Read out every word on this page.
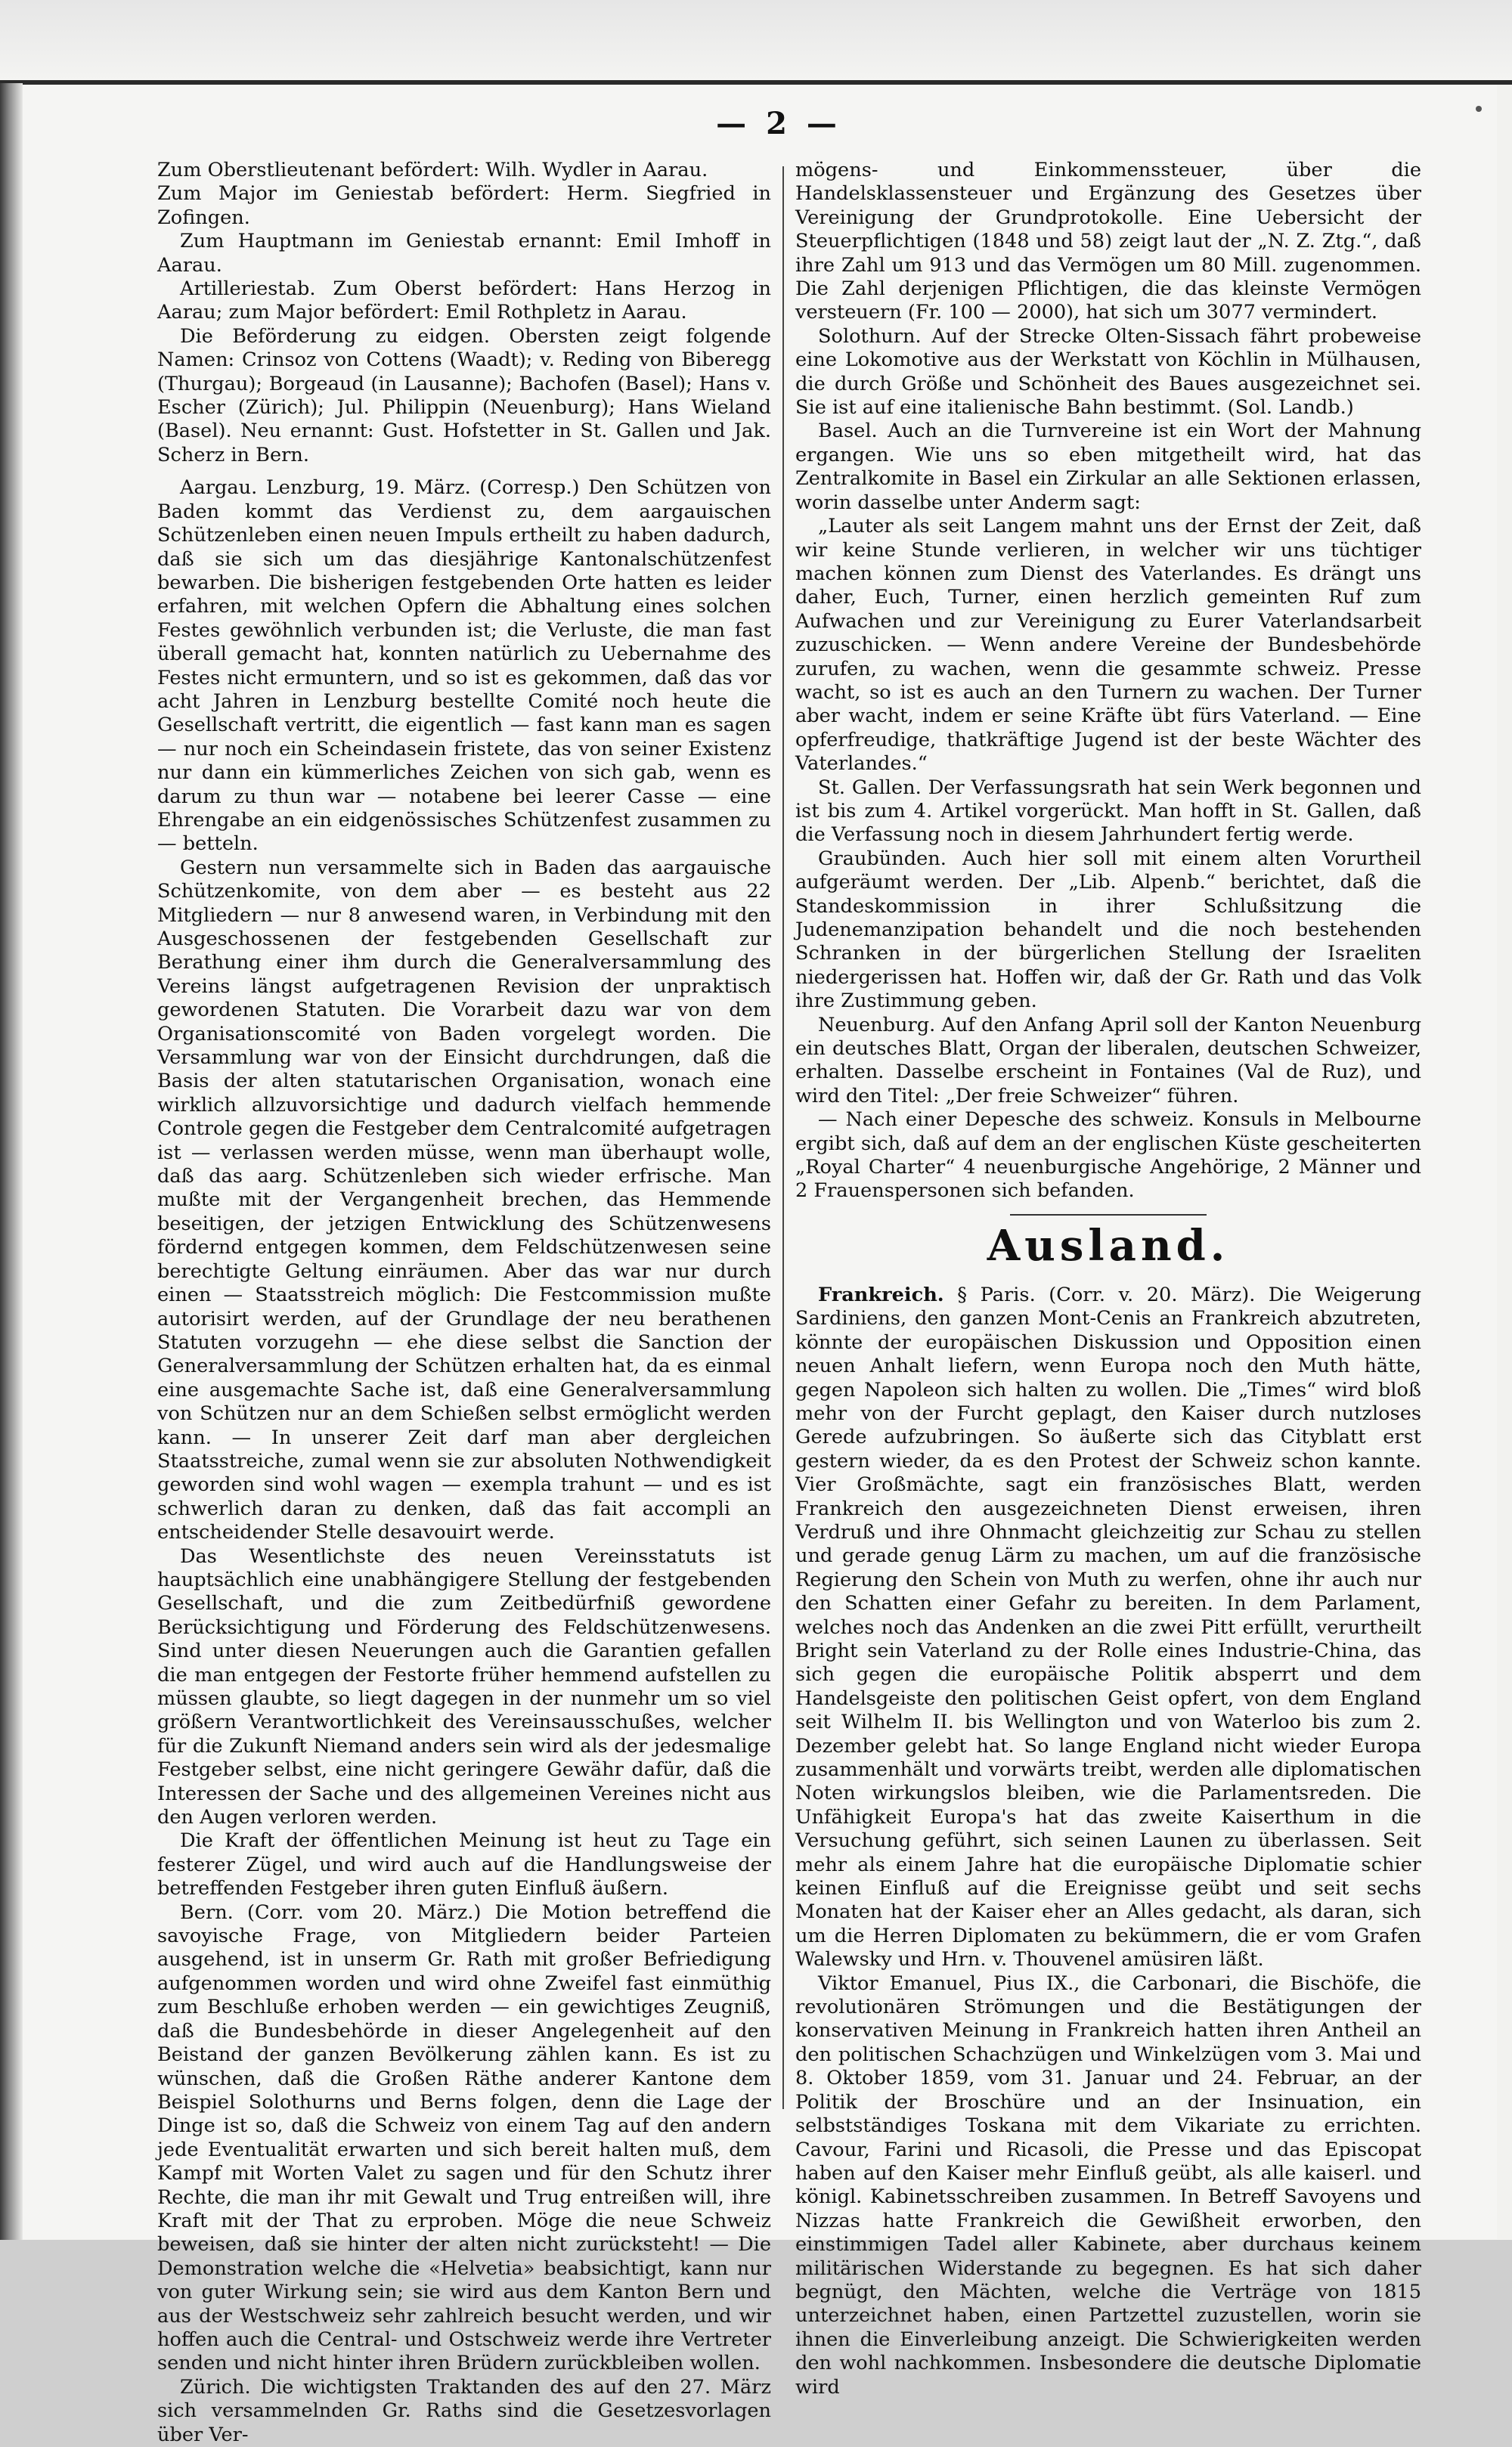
— 2 —

Zum Oberstlieutenant befördert: Wilh. Wydler in Aarau.

Zum Major im Geniestab befördert: Herm. Siegfried in Zofingen.

Zum Hauptmann im Geniestab ernannt: Emil Imhoff in Aarau.

Artilleriestab. Zum Oberst befördert: Hans Herzog in Aarau; zum Major befördert: Emil Rothpletz in Aarau.

Die Beförderung zu eidgen. Obersten zeigt folgende Namen: Crinsoz von Cottens (Waadt); v. Reding von Biberegg (Thurgau); Borgeaud (in Lausanne); Bachofen (Basel); Hans v. Escher (Zürich); Jul. Philippin (Neuenburg); Hans Wieland (Basel). Neu ernannt: Gust. Hofstetter in St. Gallen und Jak. Scherz in Bern.

Aargau. Lenzburg, 19. März. (Corresp.) Den Schützen von Baden kommt das Verdienst zu, dem aargauischen Schützenleben einen neuen Impuls ertheilt zu haben dadurch, daß sie sich um das diesjährige Kantonalschützenfest bewarben. Die bisherigen festgebenden Orte hatten es leider erfahren, mit welchen Opfern die Abhaltung eines solchen Festes gewöhnlich verbunden ist; die Verluste, die man fast überall gemacht hat, konnten natürlich zu Uebernahme des Festes nicht ermuntern, und so ist es gekommen, daß das vor acht Jahren in Lenzburg bestellte Comité noch heute die Gesellschaft vertritt, die eigentlich — fast kann man es sagen — nur noch ein Scheindasein fristete, das von seiner Existenz nur dann ein kümmerliches Zeichen von sich gab, wenn es darum zu thun war — notabene bei leerer Casse — eine Ehrengabe an ein eidgenössisches Schützenfest zusammen zu — betteln.

Gestern nun versammelte sich in Baden das aargauische Schützenkomite, von dem aber — es besteht aus 22 Mitgliedern — nur 8 anwesend waren, in Verbindung mit den Ausgeschossenen der festgebenden Gesellschaft zur Berathung einer ihm durch die Generalversammlung des Vereins längst aufgetragenen Revision der unpraktisch gewordenen Statuten. Die Vorarbeit dazu war von dem Organisationscomité von Baden vorgelegt worden. Die Versammlung war von der Einsicht durchdrungen, daß die Basis der alten statutarischen Organisation, wonach eine wirklich allzuvorsichtige und dadurch vielfach hemmende Controle gegen die Festgeber dem Centralcomité aufgetragen ist — verlassen werden müsse, wenn man überhaupt wolle, daß das aarg. Schützenleben sich wieder erfrische. Man mußte mit der Vergangenheit brechen, das Hemmende beseitigen, der jetzigen Entwicklung des Schützenwesens fördernd entgegen kommen, dem Feldschützenwesen seine berechtigte Geltung einräumen. Aber das war nur durch einen — Staatsstreich möglich: Die Festcommission mußte autorisirt werden, auf der Grundlage der neu berathenen Statuten vorzugehn — ehe diese selbst die Sanction der Generalversammlung der Schützen erhalten hat, da es einmal eine ausgemachte Sache ist, daß eine Generalversammlung von Schützen nur an dem Schießen selbst ermöglicht werden kann. — In unserer Zeit darf man aber dergleichen Staatsstreiche, zumal wenn sie zur absoluten Nothwendigkeit geworden sind wohl wagen — exempla trahunt — und es ist schwerlich daran zu denken, daß das fait accompli an entscheidender Stelle desavouirt werde.

Das Wesentlichste des neuen Vereinsstatuts ist hauptsächlich eine unabhängigere Stellung der festgebenden Gesellschaft, und die zum Zeitbedürfniß gewordene Berücksichtigung und Förderung des Feldschützenwesens. Sind unter diesen Neuerungen auch die Garantien gefallen die man entgegen der Festorte früher hemmend aufstellen zu müssen glaubte, so liegt dagegen in der nunmehr um so viel größern Verantwortlichkeit des Vereinsausschußes, welcher für die Zukunft Niemand anders sein wird als der jedesmalige Festgeber selbst, eine nicht geringere Gewähr dafür, daß die Interessen der Sache und des allgemeinen Vereines nicht aus den Augen verloren werden.

Die Kraft der öffentlichen Meinung ist heut zu Tage ein festerer Zügel, und wird auch auf die Handlungsweise der betreffenden Festgeber ihren guten Einfluß äußern.

Bern. (Corr. vom 20. März.) Die Motion betreffend die savoyische Frage, von Mitgliedern beider Parteien ausgehend, ist in unserm Gr. Rath mit großer Befriedigung aufgenommen worden und wird ohne Zweifel fast einmüthig zum Beschluße erhoben werden — ein gewichtiges Zeugniß, daß die Bundesbehörde in dieser Angelegenheit auf den Beistand der ganzen Bevölkerung zählen kann. Es ist zu wünschen, daß die Großen Räthe anderer Kantone dem Beispiel Solothurns und Berns folgen, denn die Lage der Dinge ist so, daß die Schweiz von einem Tag auf den andern jede Eventualität erwarten und sich bereit halten muß, dem Kampf mit Worten Valet zu sagen und für den Schutz ihrer Rechte, die man ihr mit Gewalt und Trug entreißen will, ihre Kraft mit der That zu erproben. Möge die neue Schweiz beweisen, daß sie hinter der alten nicht zurücksteht! — Die Demonstration welche die «Helvetia» beabsichtigt, kann nur von guter Wirkung sein; sie wird aus dem Kanton Bern und aus der Westschweiz sehr zahlreich besucht werden, und wir hoffen auch die Central- und Ostschweiz werde ihre Vertreter senden und nicht hinter ihren Brüdern zurückbleiben wollen.

Zürich. Die wichtigsten Traktanden des auf den 27. März sich versammelnden Gr. Raths sind die Gesetzesvorlagen über Ver-

mögens- und Einkommenssteuer, über die Handelsklassensteuer und Ergänzung des Gesetzes über Vereinigung der Grundprotokolle. Eine Uebersicht der Steuerpflichtigen (1848 und 58) zeigt laut der „N. Z. Ztg.“, daß ihre Zahl um 913 und das Vermögen um 80 Mill. zugenommen. Die Zahl derjenigen Pflichtigen, die das kleinste Vermögen versteuern (Fr. 100 — 2000), hat sich um 3077 vermindert.

Solothurn. Auf der Strecke Olten-Sissach fährt probeweise eine Lokomotive aus der Werkstatt von Köchlin in Mülhausen, die durch Größe und Schönheit des Baues ausgezeichnet sei. Sie ist auf eine italienische Bahn bestimmt. (Sol. Landb.)

Basel. Auch an die Turnvereine ist ein Wort der Mahnung ergangen. Wie uns so eben mitgetheilt wird, hat das Zentralkomite in Basel ein Zirkular an alle Sektionen erlassen, worin dasselbe unter Anderm sagt:

„Lauter als seit Langem mahnt uns der Ernst der Zeit, daß wir keine Stunde verlieren, in welcher wir uns tüchtiger machen können zum Dienst des Vaterlandes. Es drängt uns daher, Euch, Turner, einen herzlich gemeinten Ruf zum Aufwachen und zur Vereinigung zu Eurer Vaterlandsarbeit zuzuschicken. — Wenn andere Vereine der Bundesbehörde zurufen, zu wachen, wenn die gesammte schweiz. Presse wacht, so ist es auch an den Turnern zu wachen. Der Turner aber wacht, indem er seine Kräfte übt fürs Vaterland. — Eine opferfreudige, thatkräftige Jugend ist der beste Wächter des Vaterlandes.“

St. Gallen. Der Verfassungsrath hat sein Werk begonnen und ist bis zum 4. Artikel vorgerückt. Man hofft in St. Gallen, daß die Verfassung noch in diesem Jahrhundert fertig werde.

Graubünden. Auch hier soll mit einem alten Vorurtheil aufgeräumt werden. Der „Lib. Alpenb.“ berichtet, daß die Standeskommission in ihrer Schlußsitzung die Judenemanzipation behandelt und die noch bestehenden Schranken in der bürgerlichen Stellung der Israeliten niedergerissen hat. Hoffen wir, daß der Gr. Rath und das Volk ihre Zustimmung geben.

Neuenburg. Auf den Anfang April soll der Kanton Neuenburg ein deutsches Blatt, Organ der liberalen, deutschen Schweizer, erhalten. Dasselbe erscheint in Fontaines (Val de Ruz), und wird den Titel: „Der freie Schweizer“ führen.

— Nach einer Depesche des schweiz. Konsuls in Melbourne ergibt sich, daß auf dem an der englischen Küste gescheiterten „Royal Charter“ 4 neuenburgische Angehörige, 2 Männer und 2 Frauenspersonen sich befanden.

Ausland.

Frankreich. § Paris. (Corr. v. 20. März). Die Weigerung Sardiniens, den ganzen Mont-Cenis an Frankreich abzutreten, könnte der europäischen Diskussion und Opposition einen neuen Anhalt liefern, wenn Europa noch den Muth hätte, gegen Napoleon sich halten zu wollen. Die „Times“ wird bloß mehr von der Furcht geplagt, den Kaiser durch nutzloses Gerede aufzubringen. So äußerte sich das Cityblatt erst gestern wieder, da es den Protest der Schweiz schon kannte. Vier Großmächte, sagt ein französisches Blatt, werden Frankreich den ausgezeichneten Dienst erweisen, ihren Verdruß und ihre Ohnmacht gleichzeitig zur Schau zu stellen und gerade genug Lärm zu machen, um auf die französische Regierung den Schein von Muth zu werfen, ohne ihr auch nur den Schatten einer Gefahr zu bereiten. In dem Parlament, welches noch das Andenken an die zwei Pitt erfüllt, verurtheilt Bright sein Vaterland zu der Rolle eines Industrie-China, das sich gegen die europäische Politik absperrt und dem Handelsgeiste den politischen Geist opfert, von dem England seit Wilhelm II. bis Wellington und von Waterloo bis zum 2. Dezember gelebt hat. So lange England nicht wieder Europa zusammenhält und vorwärts treibt, werden alle diplomatischen Noten wirkungslos bleiben, wie die Parlamentsreden. Die Unfähigkeit Europa's hat das zweite Kaiserthum in die Versuchung geführt, sich seinen Launen zu überlassen. Seit mehr als einem Jahre hat die europäische Diplomatie schier keinen Einfluß auf die Ereignisse geübt und seit sechs Monaten hat der Kaiser eher an Alles gedacht, als daran, sich um die Herren Diplomaten zu bekümmern, die er vom Grafen Walewsky und Hrn. v. Thouvenel amüsiren läßt.

Viktor Emanuel, Pius IX., die Carbonari, die Bischöfe, die revolutionären Strömungen und die Bestätigungen der konservativen Meinung in Frankreich hatten ihren Antheil an den politischen Schachzügen und Winkelzügen vom 3. Mai und 8. Oktober 1859, vom 31. Januar und 24. Februar, an der Politik der Broschüre und an der Insinuation, ein selbstständiges Toskana mit dem Vikariate zu errichten. Cavour, Farini und Ricasoli, die Presse und das Episcopat haben auf den Kaiser mehr Einfluß geübt, als alle kaiserl. und königl. Kabinetsschreiben zusammen. In Betreff Savoyens und Nizzas hatte Frankreich die Gewißheit erworben, den einstimmigen Tadel aller Kabinete, aber durchaus keinem militärischen Widerstande zu begegnen. Es hat sich daher begnügt, den Mächten, welche die Verträge von 1815 unterzeichnet haben, einen Partzettel zuzustellen, worin sie ihnen die Einverleibung anzeigt. Die Schwierigkeiten werden den wohl nachkommen. Insbesondere die deutsche Diplomatie wird
